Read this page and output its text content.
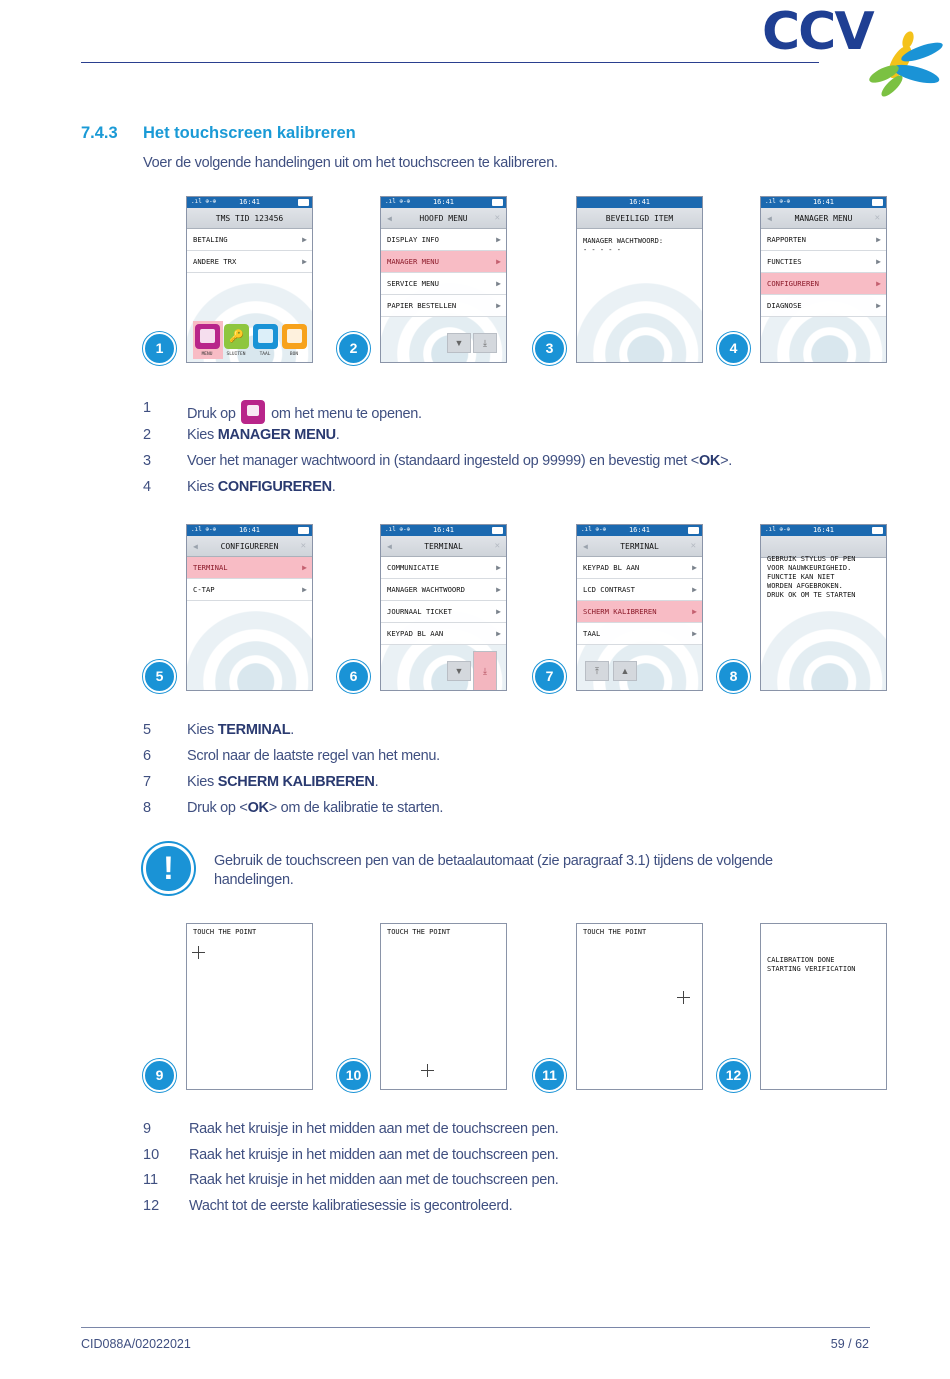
CCV
7.4.3 Het touchscreen kalibreren
Voer de volgende handelingen uit om het touchscreen te kalibreren.
.ıl ⊕-⊕	16:41
TMS TID 123456
BETALING	▶
ANDERE TRX	▶
🔑
MENU	SLUITEN	TAAL	BON
1
.ıl ⊕-⊕	16:41
◀	HOOFD MENU	✕
DISPLAY INFO	▶
MANAGER MENU	▶
SERVICE MENU	▶
PAPIER BESTELLEN	▶
▼	⤓
2
16:41
BEVEILIGD ITEM
MANAGER WACHTWOORD:
- - - - -
3
.ıl ⊕-⊕	16:41
◀	MANAGER MENU ✕
RAPPORTEN	▶
FUNCTIES	▶
CONFIGUREREN	▶
DIAGNOSE	▶
4
1 Druk op om het menu te openen.
2 Kies MANAGER MENU.
3 Voer het manager wachtwoord in (standaard ingesteld op 99999) en bevestig met <OK>.
4 Kies CONFIGUREREN.
.ıl ⊕-⊕	16:41
◀	CONFIGUREREN ✕
TERMINAL	▶
C-TAP	▶
5
.ıl ⊕-⊕	16:41
◀	TERMINAL	✕
COMMUNICATIE	▶
MANAGER WACHTWOORD	▶
JOURNAAL TICKET	▶
KEYPAD BL AAN	▶
▼	⤓
6
.ıl ⊕-⊕	16:41
◀	TERMINAL	✕
KEYPAD BL AAN	▶
LCD CONTRAST	▶
SCHERM KALIBREREN	▶
TAAL	▶
⤒	▲
7
.ıl ⊕-⊕	16:41
GEBRUIK STYLUS OF PEN
VOOR NAUWKEURIGHEID.
FUNCTIE KAN NIET
WORDEN AFGEBROKEN.
DRUK OK OM TE STARTEN
8
5 Kies TERMINAL.
6 Scrol naar de laatste regel van het menu.
7 Kies SCHERM KALIBREREN.
8 Druk op <OK> om de kalibratie te starten.
!	Gebruik de touchscreen pen van de betaalautomaat (zie paragraaf 3.1) tijdens de volgende handelingen.
TOUCH THE POINT
9
TOUCH THE POINT
10
TOUCH THE POINT
11
CALIBRATION DONE
STARTING VERIFICATION
12
9	Raak het kruisje in het midden aan met de touchscreen pen.
10 Raak het kruisje in het midden aan met de touchscreen pen.
11 Raak het kruisje in het midden aan met de touchscreen pen.
12 Wacht tot de eerste kalibratiesessie is gecontroleerd.
CID088A/02022021	59 / 62
